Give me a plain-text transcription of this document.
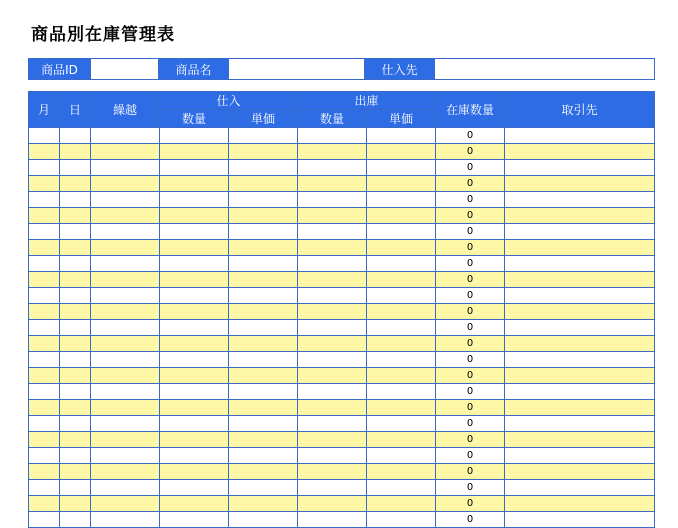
商品別在庫管理表
商品ID		商品名		仕入先	
月	日	繰越	仕入		出庫		在庫数量	取引先
			数量	単価	数量	単価		
							0	
							0	
							0	
							0	
							0	
							0	
							0	
							0	
							0	
							0	
							0	
							0	
							0	
							0	
							0	
							0	
							0	
							0	
							0	
							0	
							0	
							0	
							0	
							0	
							0	
